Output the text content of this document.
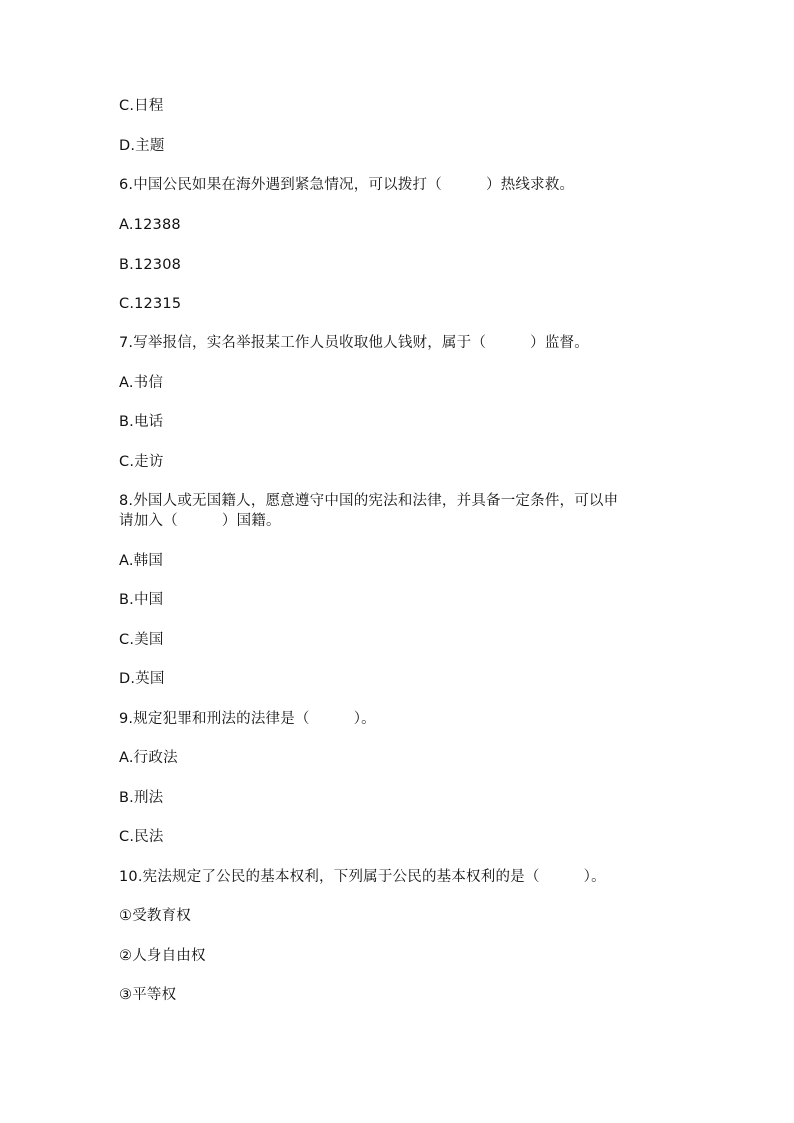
C.日程
D.主题
6.中国公民如果在海外遇到紧急情况，可以拨打（　　　）热线求救。
A.12388
B.12308
C.12315
7.写举报信，实名举报某工作人员收取他人钱财，属于（　　　）监督。
A.书信
B.电话
C.走访
8.外国人或无国籍人，愿意遵守中国的宪法和法律，并具备一定条件，可以申
请加入（　　　）国籍。
A.韩国
B.中国
C.美国
D.英国
9.规定犯罪和刑法的法律是（　　　）。
A.行政法
B.刑法
C.民法
10.宪法规定了公民的基本权利，下列属于公民的基本权利的是（　　　）。
①受教育权
②人身自由权
③平等权
